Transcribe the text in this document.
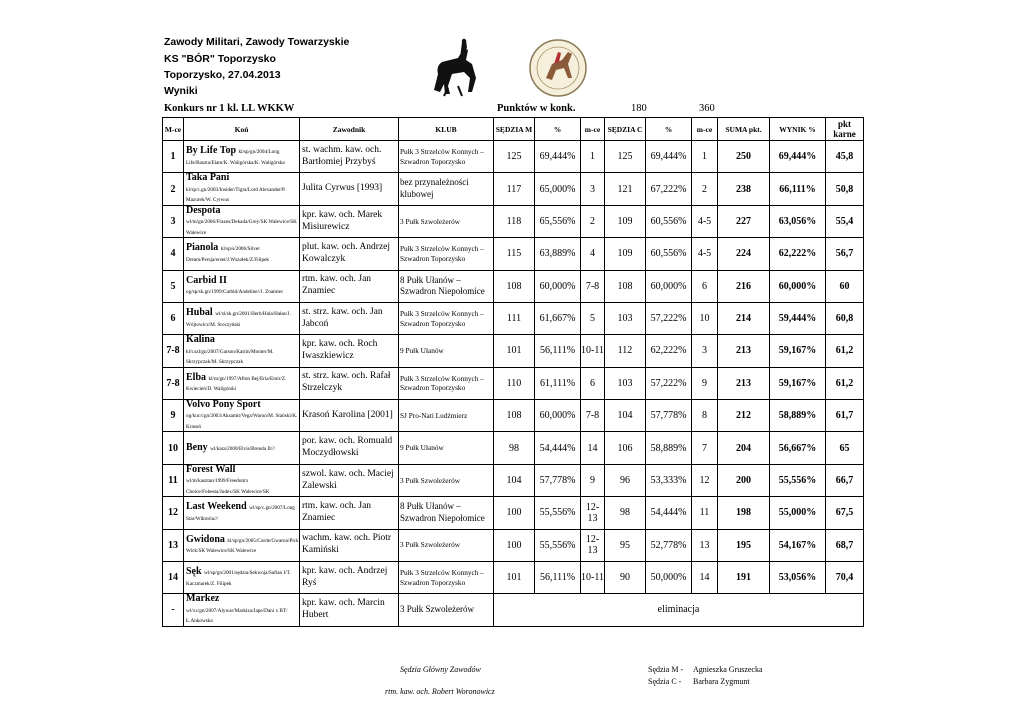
Zawody Militari, Zawody Towarzyskie
KS "BÓR" Toporzysko
Toporzysko, 27.04.2013
Wyniki
Konkurs nr 1 kl. LL WKKW	Punktów w konk.	180	360
M-ce	Koń	Zawodnik	KLUB	SĘDZIA M	%	m-ce	SĘDZIA C	%	m-ce	SUMA pkt.	WYNIK %	pkt karne
1	By Life Top kl/sp/gn/2004/Long Life/Baszta/Elam/K. Waligórska/K. Waligórska	st. wachm. kaw. och. Bartłomiej Przybyś	Pułk 3 Strzelców Konnych – Szwadron Toporzysko	125	69,444%	1	125	69,444%	1	250	69,444%	45,8
2	Taka Pani kl/sp/c.gn/2003/Insider/Tigra/Lord Alexander/P. Mazurek/W. Cyrwus	Julita Cyrwus [1993]	bez przynależności klubowej	117	65,000%	3	121	67,222%	2	238	66,111%	50,8
3	Despota wl/m/gn/2006/Frazes/Dekada/Grey/SK Walewice/SK Walewice	kpr. kaw. och. Marek Misiurewicz	3 Pułk Szwoleżerów	118	65,556%	2	109	60,556%	4-5	227	63,056%	55,4
4	Pianola kl/sp/s/2006/Silver Dream/Persja/erset/J.Wszołek/Z.Filipek	plut. kaw. och. Andrzej Kowalczyk	Pułk 3 Strzelców Konnych – Szwadron Toporzysko	115	63,889%	4	109	60,556%	4-5	224	62,222%	56,7
5	Carbid II og/sp/sk.gn/1999/Carbid/Andeline//J. Znamiec	rtm. kaw. och. Jan Znamiec	8 Pułk Ułanów – Szwadron Niepołomice	108	60,000%	7-8	108	60,000%	6	216	60,000%	60
6	Hubal wl/sl/sk.gn/2001/Herb/Hala/Hałas/J. Wójtowicz/M. Sroczyński	st. strz. kaw. och. Jan Jabcoń	Pułk 3 Strzelców Konnych – Szwadron Toporzysko	111	61,667%	5	103	57,222%	10	214	59,444%	60,8
7-8	Kalina kl/t.szl/gn/2007/Garson/Katrin/Monter/M. Skrzypczak/M. Skrzypczak	kpr. kaw. och. Roch Iwaszkiewicz	9 Pułk Ułanów	101	56,111%	10-11	112	62,222%	3	213	59,167%	61,2
7-8	Elba kl/m/gn/1997/Afton Bej/Eria/Emir/Z. Kwiecień/D. Waligórski	st. strz. kaw. och. Rafał Strzelczyk	Pułk 3 Strzelców Konnych – Szwadron Toporzysko	110	61,111%	6	103	57,222%	9	213	59,167%	61,2
9	Volvo Pony Sport og/kuc/cgn/2003/Aksamit/Vega/Waron/M. Stański/K. Krasoń	Krasoń Karolina [2001]	SJ Pro-Nati Ludźmierz	108	60,000%	7-8	104	57,778%	8	212	58,889%	61,7
10	Beny wl/kara/2000/Elvis/Brenda II///	por. kaw. och. Romuald Moczydłowski	9 Pułk Ułanów	98	54,444%	14	106	58,889%	7	204	56,667%	65
11	Forest Wall wl/m/kasztan/1999/Freedom's Choice/Fobesta/Judex/SK Walewice/SK	szwol. kaw. och. Maciej Zalewski	3 Pułk Szwoleżerów	104	57,778%	9	96	53,333%	12	200	55,556%	66,7
12	Last Weekend wl/sp/c.gn/2007/Long Star/Wiktoria///	rtm. kaw. och. Jan Znamiec	8 Pułk Ułanów – Szwadron Niepołomice	100	55,556%	12-13	98	54,444%	11	198	55,000%	67,5
13	Gwidona kl/sp/gn/2005/Corde/Gwarna/Pick Wick/SK Walewice/SK Walewice	wachm. kaw. och. Piotr Kamiński	3 Pułk Szwoleżerów	100	55,556%	12-13	95	52,778%	13	195	54,167%	68,7
14	Sęk wl/sp/gn/2001/sędzia/Sekwoja/Safian I/T. Kaczmarek/Z. Filipek	kpr. kaw. och. Andrzej Ryś	Pułk 3 Strzelców Konnych – Szwadron Toporzysko	101	56,111%	10-11	90	50,000%	14	191	53,056%	70,4
-	Markez wl/xx/gn/2007/Alywar/Markiza/Jape/Dani x BT/Ł.Ankowska	kpr. kaw. och. Marcin Hubert	3 Pułk Szwoleżerów	eliminacja								
Sędzia Główny Zawodów
rtm. kaw. och. Robert Woronowicz
Sędzia M - Agnieszka Gruszecka
Sędzia C - Barbara Zygmunt
